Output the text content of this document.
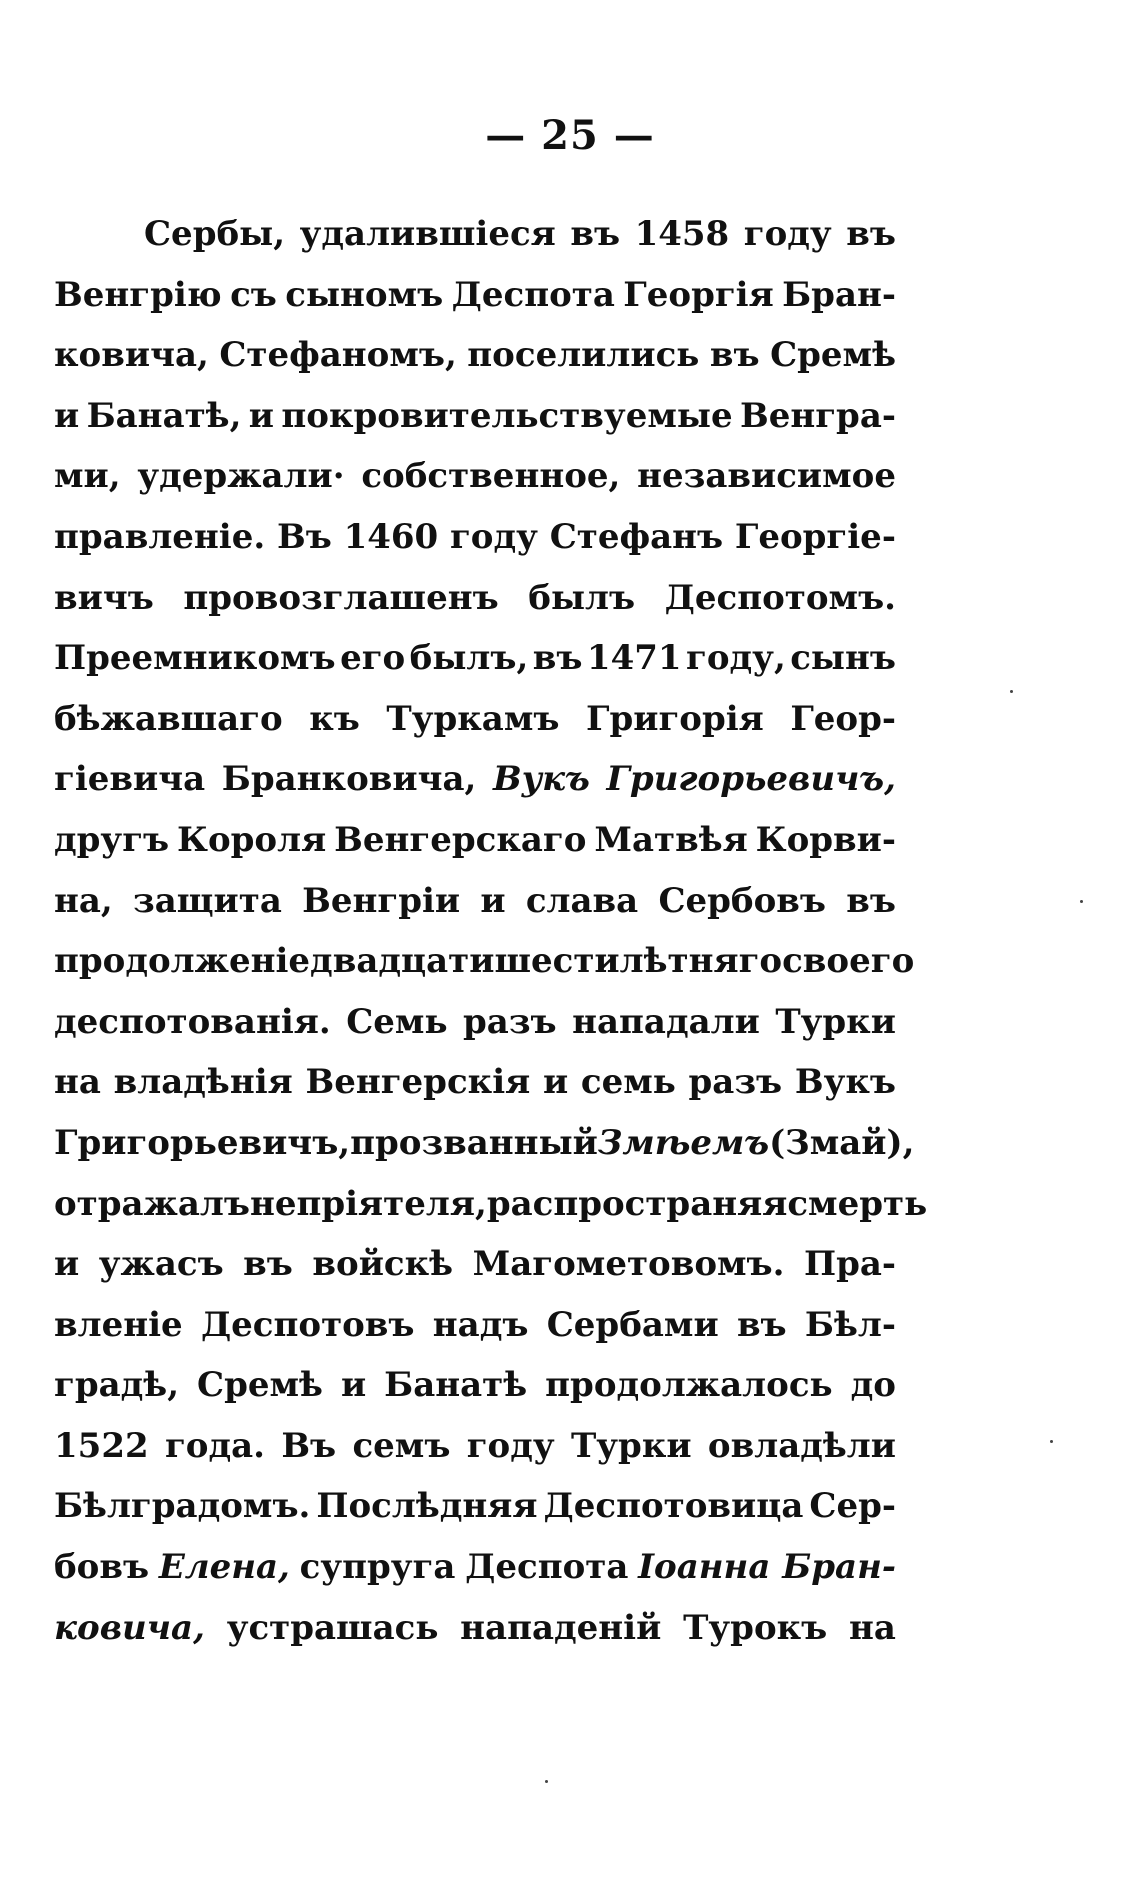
— 25 —
Сербы, удалившіеся въ 1458 году въ
Венгрію съ сыномъ Деспота Георгія Бран-
ковича, Стефаномъ, поселились въ Сремѣ
и Банатѣ, и покровительствуемые Венгра-
ми, удержали· собственное, независимое
правленіе. Въ 1460 году Стефанъ Георгіе-
вичъ провозглашенъ былъ Деспотомъ.
Преемникомъ его былъ, въ 1471 году, сынъ
бѣжавшаго къ Туркамъ Григорія Геор-
гіевича Бранковича, Вукъ Григорьевичъ,
другъ Короля Венгерскаго Матвѣя Корви-
на, защита Венгріи и слава Сербовъ въ
продолженіе двадцатишестилѣтняго своего
деспотованія. Семь разъ нападали Турки
на владѣнія Венгерскія и семь разъ Вукъ
Григорьевичъ, прозванный Змѣемъ (Змай),
отражалъ непріятеля, распространяя смерть
и ужасъ въ войскѣ Магометовомъ. Пра-
вленіе Деспотовъ надъ Сербами въ Бѣл-
градѣ, Сремѣ и Банатѣ продолжалось до
1522 года. Въ семъ году Турки овладѣли
Бѣлградомъ. Послѣдняя Деспотовица Сер-
бовъ Елена, супруга Деспота Іоанна Бран-
ковича, устрашась нападеній Турокъ на
